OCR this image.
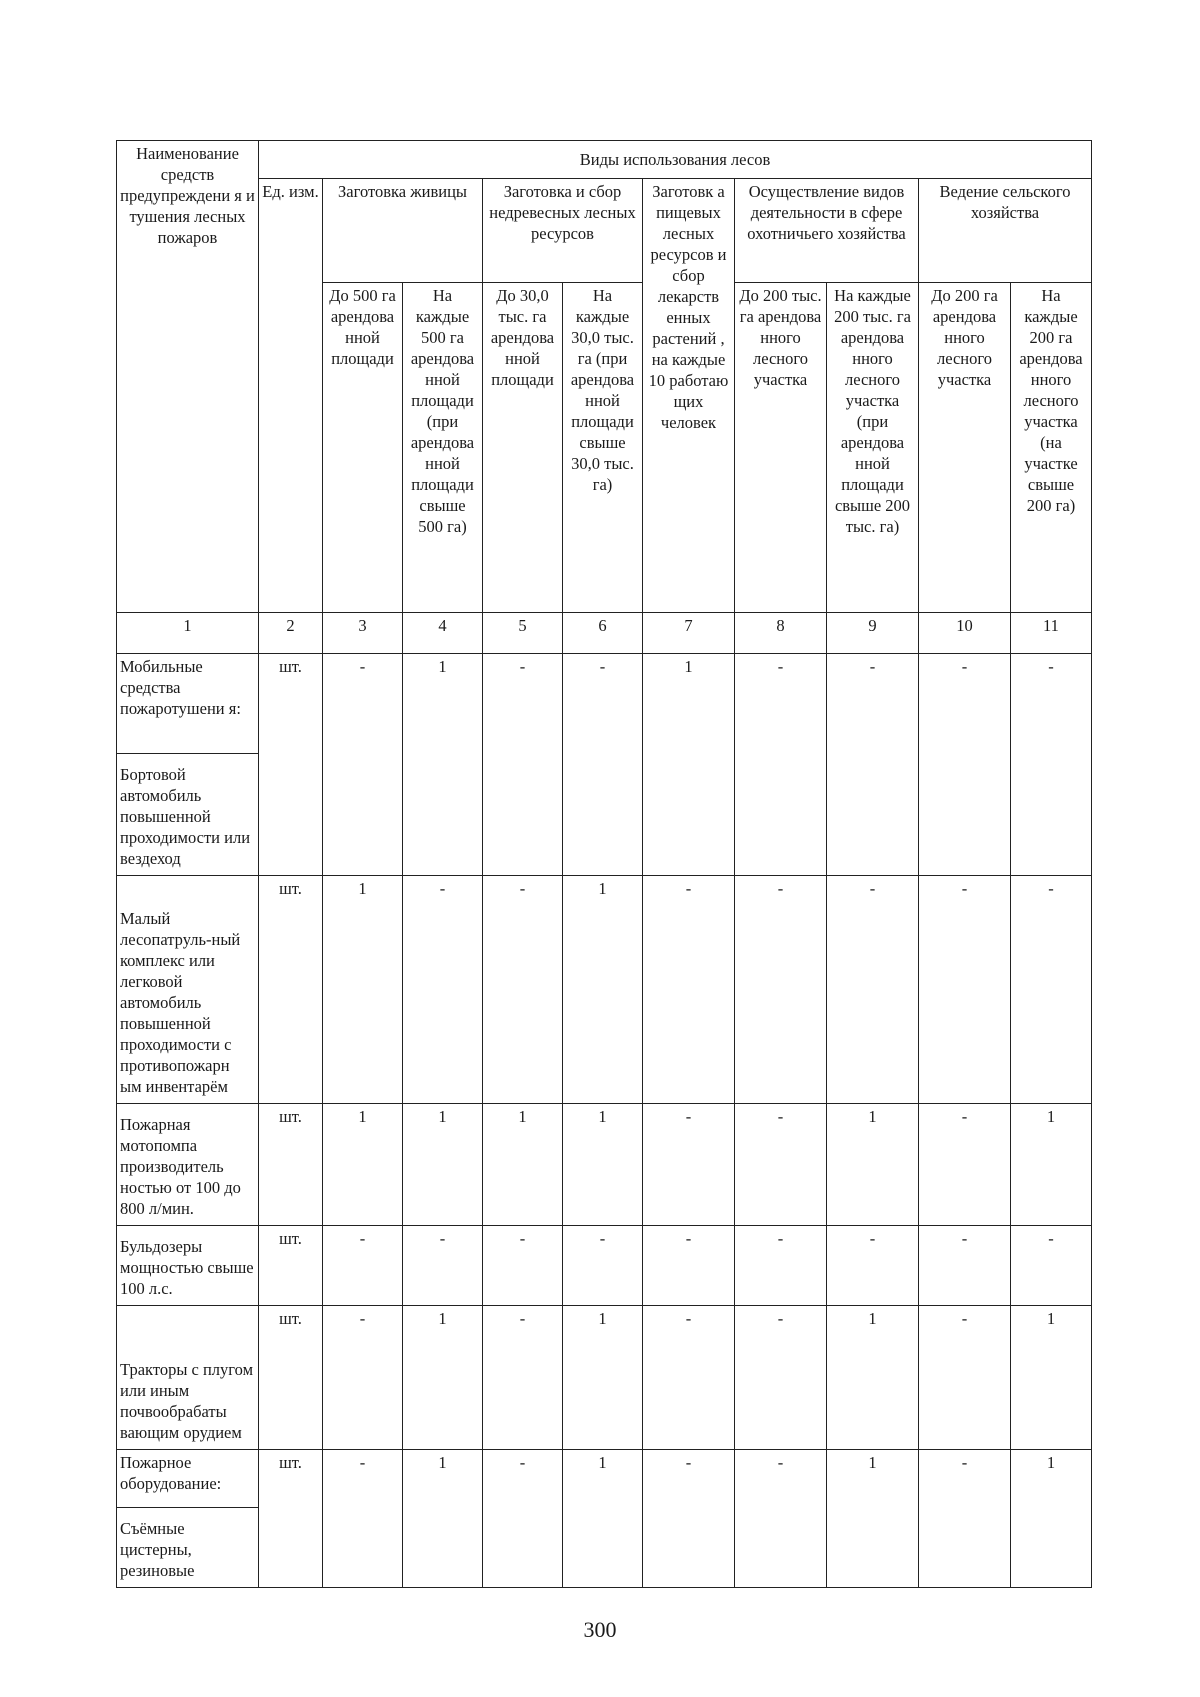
Наименование средств предупреждени я и тушения лесных пожаров	Виды использования лесов									
	Ед. изм.	Заготовка живицы		Заготовка и сбор недревесных лесных ресурсов		Заготовк а пищевых лесных ресурсов и сбор лекарств енных растений , на каждые 10 работаю щих человек	Осуществление видов деятельности в сфере охотничьего хозяйства		Ведение сельского хозяйства	
		До 500 га арендова нной площади	На каждые 500 га арендова нной площади (при арендова нной площади свыше 500 га)	До 30,0 тыс. га арендова нной площади	На каждые 30,0 тыс. га (при арендова нной площади свыше 30,0 тыс. га)		До 200 тыс. га арендова нного лесного участка	На каждые 200 тыс. га арендова нного лесного участка (при арендова нной площади свыше 200 тыс. га)	До 200 га арендова нного лесного участка	На каждые 200 га арендова нного лесного участка (на участке свыше 200 га)
1	2	3	4	5	6	7	8	9	10	11
Мобильные средства пожаротушени я:	шт.	-	1	-	-	1	-	-	-	-
Бортовой автомобиль повышенной проходимости или вездеход										
Малый лесопатруль-ный комплекс или легковой автомобиль повышенной проходимости с противопожарн ым инвентарём	шт.	1	-	-	1	-	-	-	-	-
Пожарная мотопомпа производитель ностью от 100 до 800 л/мин.	шт.	1	1	1	1	-	-	1	-	1
Бульдозеры мощностью свыше 100 л.с.	шт.	-	-	-	-	-	-	-	-	-
Тракторы с плугом или иным почвообрабаты вающим орудием	шт.	-	1	-	1	-	-	1	-	1
Пожарное оборудование:	шт.	-	1	-	1	-	-	1	-	1
Съёмные цистерны, резиновые										
300
